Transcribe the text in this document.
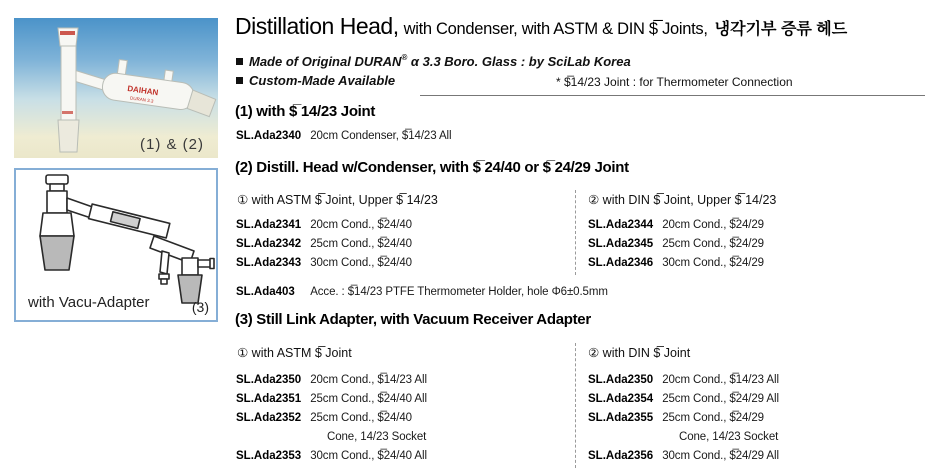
DAIHAN
DURAN 3.3
(1) & (2)
with Vacu-Adapter	(3)
Distillation Head, with Condenser, with ASTM & DIN $̅ Joints, 냉각기부 증류 헤드
Made of Original DURAN® α 3.3 Boro. Glass : by SciLab Korea
Custom-Made Available	* $̅14/23 Joint : for Thermometer Connection
(1) with $̅ 14/23 Joint
SL.Ada2340 20cm Condenser, $̅14/23 All
(2) Distill. Head w/Condenser, with $̅ 24/40 or $̅ 24/29 Joint
① with ASTM $̅ Joint, Upper $̅ 14/23	② with DIN $̅ Joint, Upper $̅ 14/23
SL.Ada2341 20cm Cond., $̅24/40
SL.Ada2342 25cm Cond., $̅24/40
SL.Ada2343 30cm Cond., $̅24/40
SL.Ada2344 20cm Cond., $̅24/29
SL.Ada2345 25cm Cond., $̅24/29
SL.Ada2346 30cm Cond., $̅24/29
SL.Ada403 Acce. : $̅14/23 PTFE Thermometer Holder, hole Φ6±0.5mm
(3) Still Link Adapter, with Vacuum Receiver Adapter
① with ASTM $̅ Joint	② with DIN $̅ Joint
SL.Ada2350 20cm Cond., $̅14/23 All
SL.Ada2351 25cm Cond., $̅24/40 All
SL.Ada2352 25cm Cond., $̅24/40
Cone, 14/23 Socket
SL.Ada2353 30cm Cond., $̅24/40 All
SL.Ada2350 20cm Cond., $̅14/23 All
SL.Ada2354 25cm Cond., $̅24/29 All
SL.Ada2355 25cm Cond., $̅24/29
Cone, 14/23 Socket
SL.Ada2356 30cm Cond., $̅24/29 All
